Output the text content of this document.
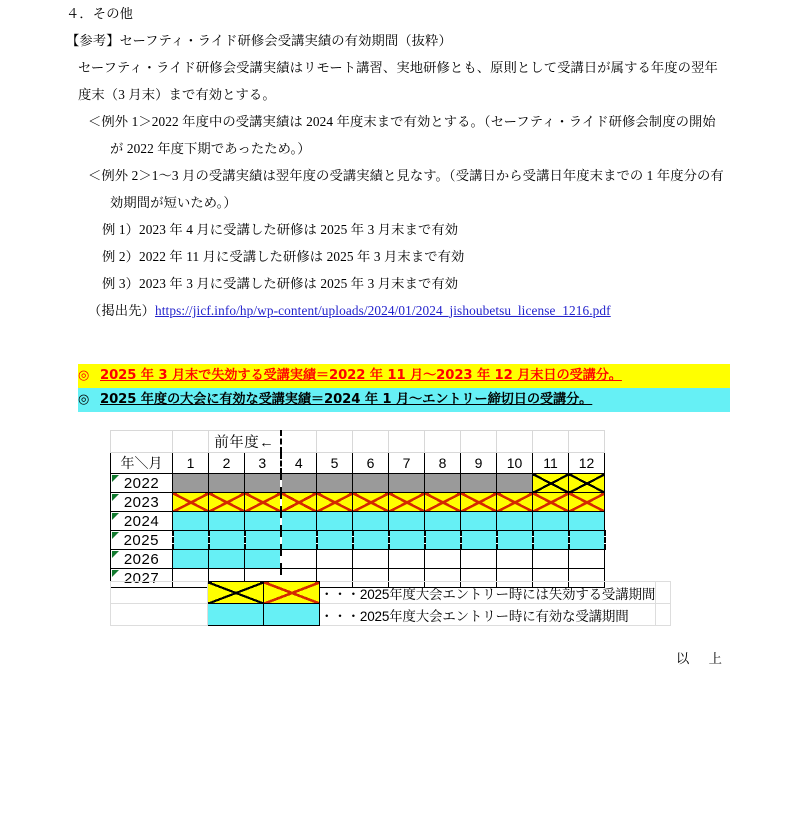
４．その他
【参考】セーフティ・ライド研修会受講実績の有効期間（抜粋）
セーフティ・ライド研修会受講実績はリモート講習、実地研修とも、原則として受講日が属する年度の翌年
度末（3 月末）まで有効とする。
＜例外 1＞2022 年度中の受講実績は 2024 年度末まで有効とする。（セーフティ・ライド研修会制度の開始
が 2022 年度下期であったため。）
＜例外 2＞1〜3 月の受講実績は翌年度の受講実績と見なす。（受講日から受講日年度末までの 1 年度分の有
効期間が短いため。）
例 1）2023 年 4 月に受講した研修は 2025 年 3 月末まで有効
例 2）2022 年 11 月に受講した研修は 2025 年 3 月末まで有効
例 3）2023 年 3 月に受講した研修は 2025 年 3 月末まで有効
（掲出先）https://jicf.info/hp/wp-content/uploads/2024/01/2024_jishoubetsu_license_1216.pdf
◎ 2025 年 3 月末で失効する受講実績＝2022 年 11 月〜2023 年 12 月末日の受講分。
◎ 2025 年度の大会に有効な受講実績＝2024 年 1 月〜エントリー締切日の受講分。
		前年度←										
年＼月	1	2	3	4	5	6	7	8	9	10	11	12
2022												
2023												
2024												
2025												
2026												
2027												
			・・・2025年度大会エントリー時には失効する受講期間	
			・・・2025年度大会エントリー時に有効な受講期間	
以　上
